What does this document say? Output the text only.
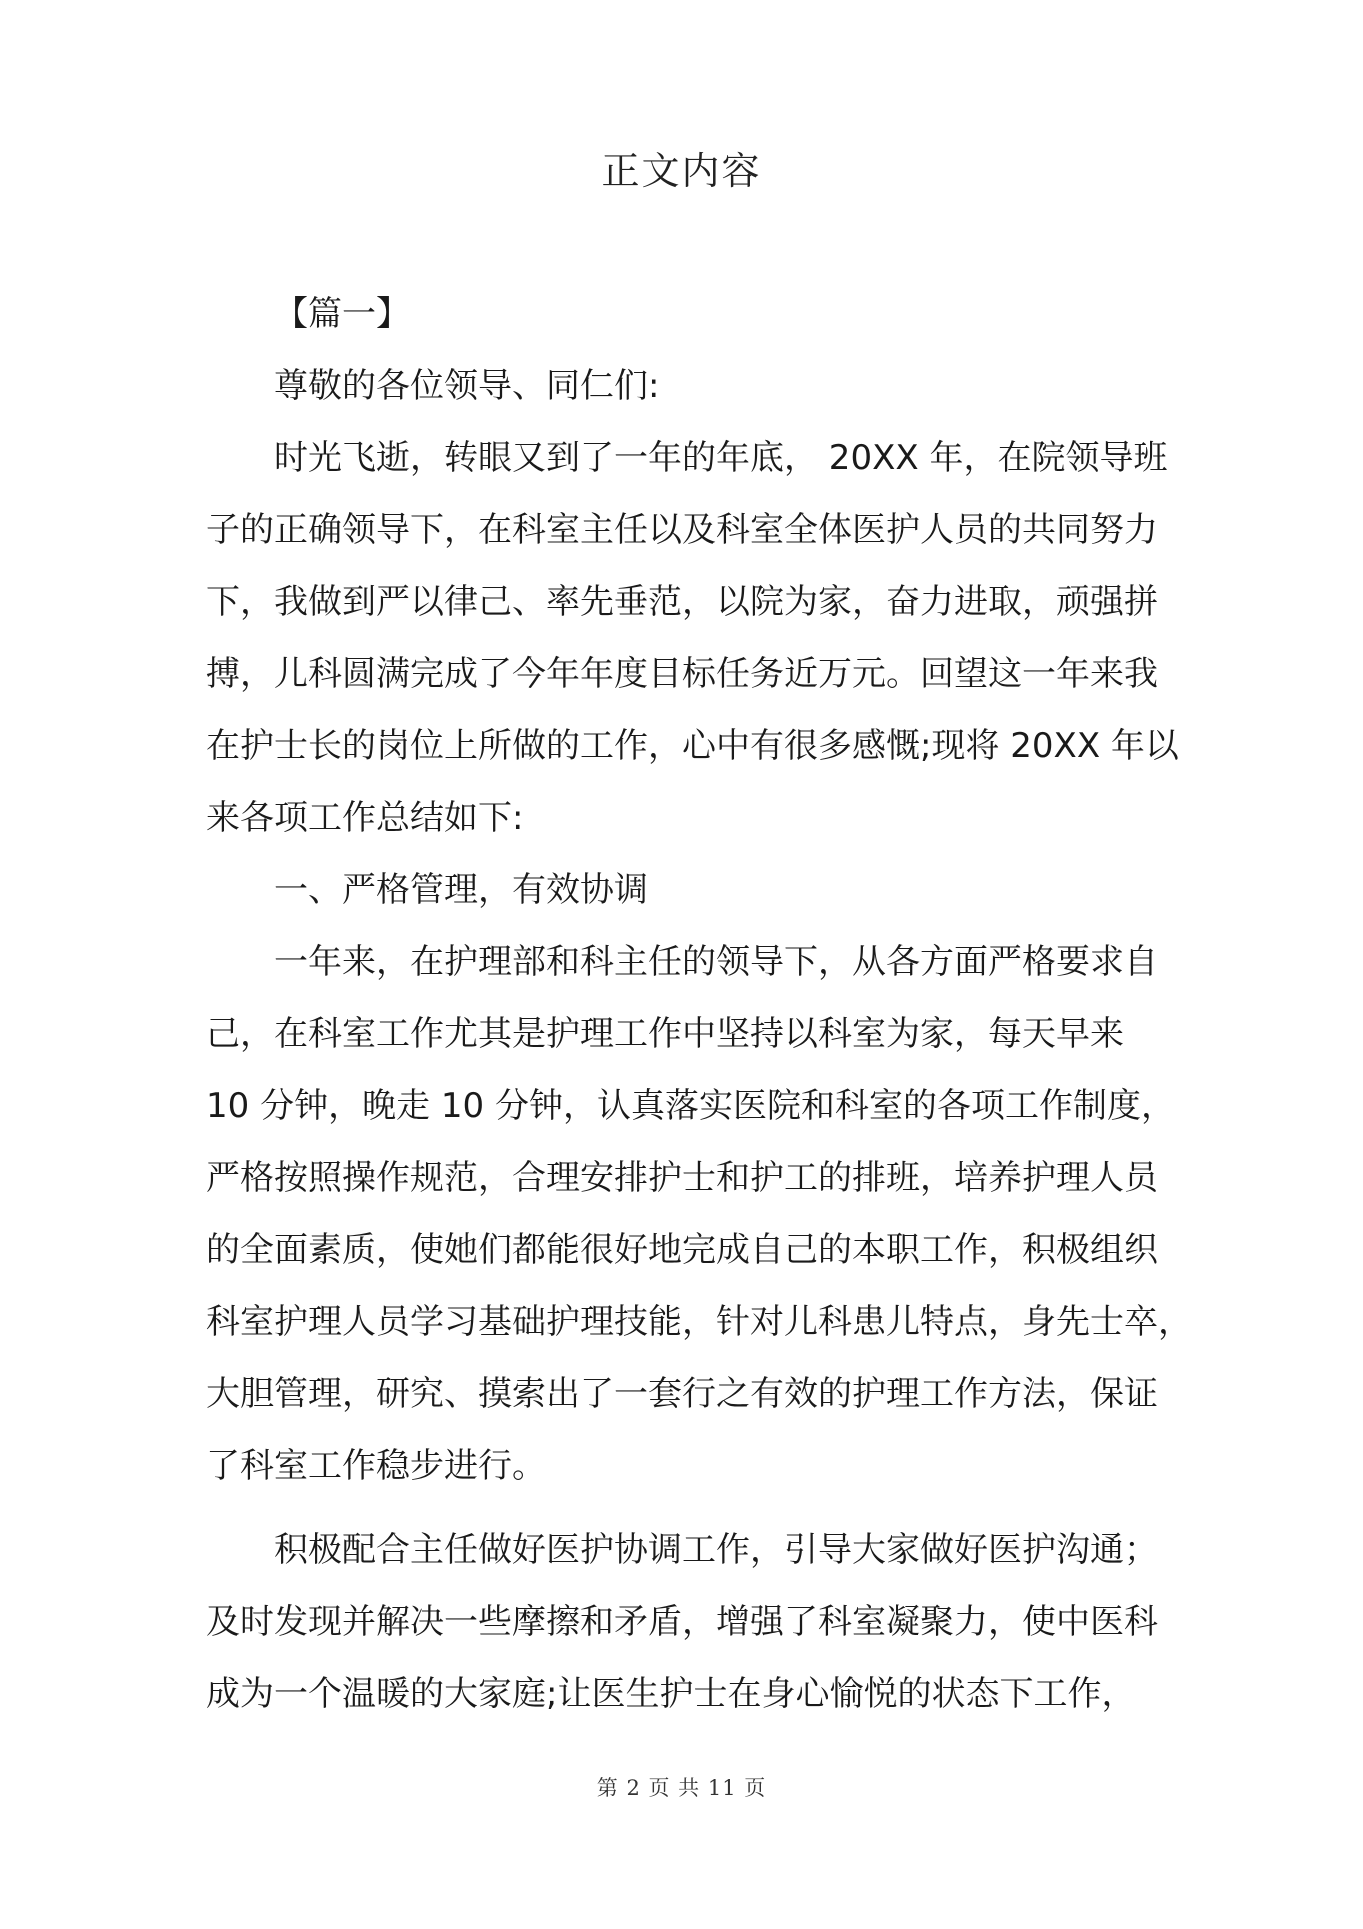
正文内容
【篇一】
尊敬的各位领导、同仁们:
时光飞逝，转眼又到了一年的年底， 20XX 年，在院领导班
子的正确领导下，在科室主任以及科室全体医护人员的共同努力
下，我做到严以律己、率先垂范，以院为家，奋力进取，顽强拼
搏，儿科圆满完成了今年年度目标任务近万元。回望这一年来我
在护士长的岗位上所做的工作，心中有很多感慨;现将 20XX 年以
来各项工作总结如下:
一、严格管理，有效协调
一年来，在护理部和科主任的领导下，从各方面严格要求自
己，在科室工作尤其是护理工作中坚持以科室为家，每天早来
10 分钟，晚走 10 分钟，认真落实医院和科室的各项工作制度，
严格按照操作规范，合理安排护士和护工的排班，培养护理人员
的全面素质，使她们都能很好地完成自己的本职工作，积极组织
科室护理人员学习基础护理技能，针对儿科患儿特点，身先士卒，
大胆管理，研究、摸索出了一套行之有效的护理工作方法，保证
了科室工作稳步进行。
积极配合主任做好医护协调工作，引导大家做好医护沟通；
及时发现并解决一些摩擦和矛盾，增强了科室凝聚力，使中医科
成为一个温暖的大家庭;让医生护士在身心愉悦的状态下工作，
第 2 页 共 11 页
